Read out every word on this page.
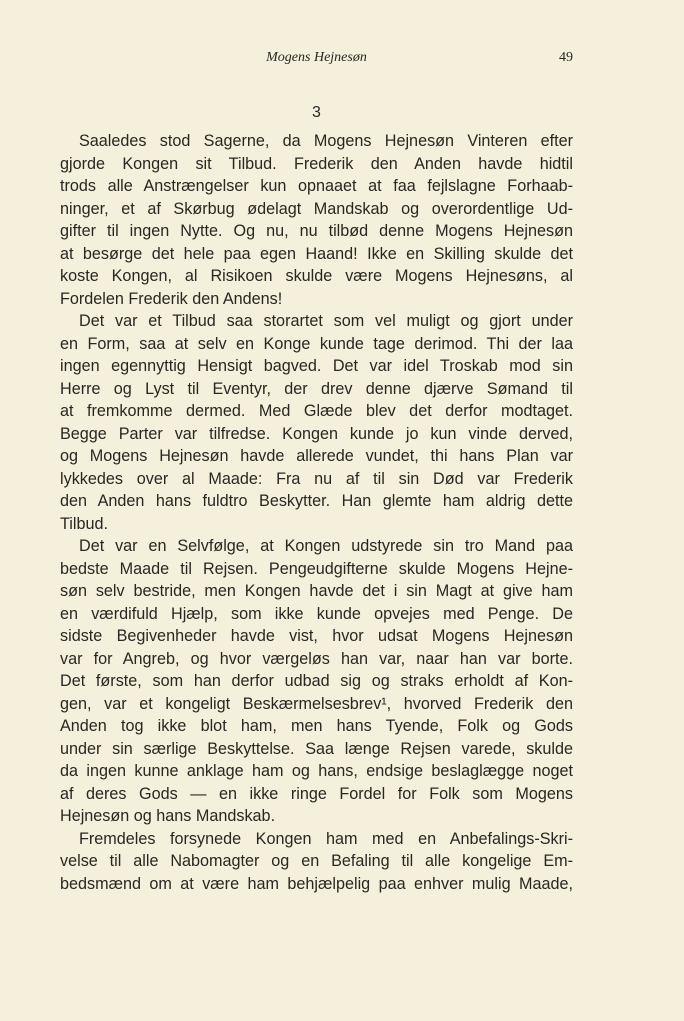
Mogens Hejnesøn	49
3
Saaledes stod Sagerne, da Mogens Hejnesøn Vinteren efter
gjorde Kongen sit Tilbud. Frederik den Anden havde hidtil
trods alle Anstrængelser kun opnaaet at faa fejlslagne Forhaab-
ninger, et af Skørbug ødelagt Mandskab og overordentlige Ud-
gifter til ingen Nytte. Og nu, nu tilbød denne Mogens Hejnesøn
at besørge det hele paa egen Haand! Ikke en Skilling skulde det
koste Kongen, al Risikoen skulde være Mogens Hejnesøns, al
Fordelen Frederik den Andens!
Det var et Tilbud saa storartet som vel muligt og gjort under
en Form, saa at selv en Konge kunde tage derimod. Thi der laa
ingen egennyttig Hensigt bagved. Det var idel Troskab mod sin
Herre og Lyst til Eventyr, der drev denne djærve Sømand til
at fremkomme dermed. Med Glæde blev det derfor modtaget.
Begge Parter var tilfredse. Kongen kunde jo kun vinde derved,
og Mogens Hejnesøn havde allerede vundet, thi hans Plan var
lykkedes over al Maade: Fra nu af til sin Død var Frederik
den Anden hans fuldtro Beskytter. Han glemte ham aldrig dette
Tilbud.
Det var en Selvfølge, at Kongen udstyrede sin tro Mand paa
bedste Maade til Rejsen. Pengeudgifterne skulde Mogens Hejne-
søn selv bestride, men Kongen havde det i sin Magt at give ham
en værdifuld Hjælp, som ikke kunde opvejes med Penge. De
sidste Begivenheder havde vist, hvor udsat Mogens Hejnesøn
var for Angreb, og hvor værgeløs han var, naar han var borte.
Det første, som han derfor udbad sig og straks erholdt af Kon-
gen, var et kongeligt Beskærmelsesbrev¹, hvorved Frederik den
Anden tog ikke blot ham, men hans Tyende, Folk og Gods
under sin særlige Beskyttelse. Saa længe Rejsen varede, skulde
da ingen kunne anklage ham og hans, endsige beslaglægge noget
af deres Gods — en ikke ringe Fordel for Folk som Mogens
Hejnesøn og hans Mandskab.
Fremdeles forsynede Kongen ham med en Anbefalings-Skri-
velse til alle Nabomagter og en Befaling til alle kongelige Em-
bedsmænd om at være ham behjælpelig paa enhver mulig Maade,
